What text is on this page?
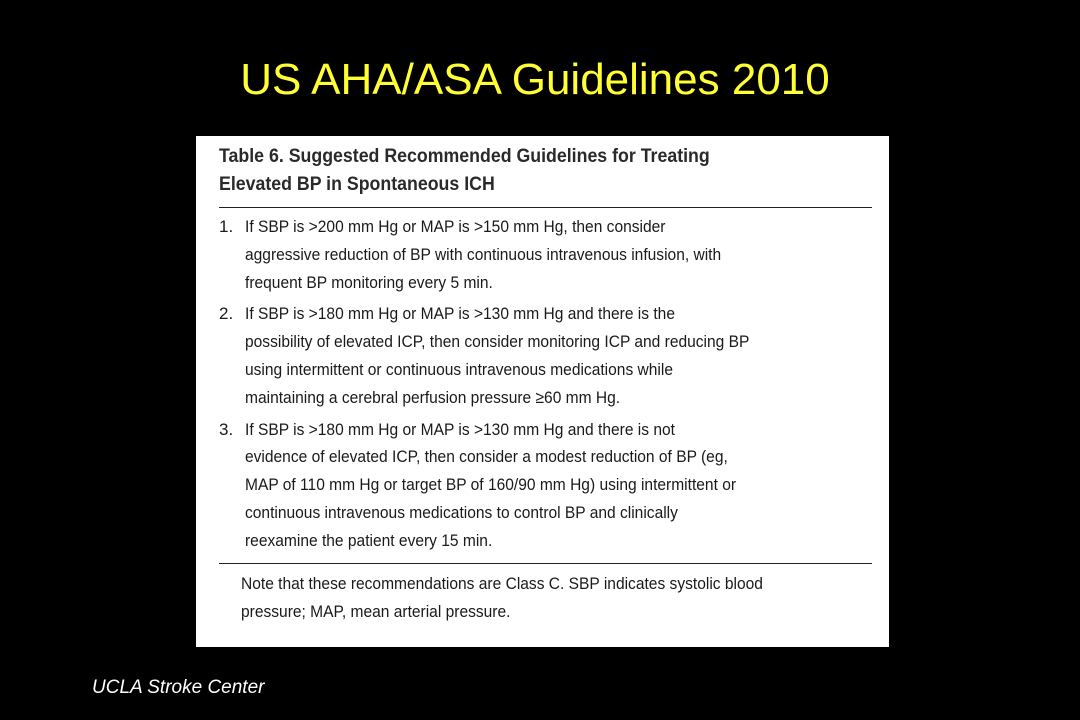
US AHA/ASA Guidelines 2010
Table 6. Suggested Recommended Guidelines for Treating
Elevated BP in Spontaneous ICH
1. If SBP is >200 mm Hg or MAP is >150 mm Hg, then consider
aggressive reduction of BP with continuous intravenous infusion, with
frequent BP monitoring every 5 min.
2. If SBP is >180 mm Hg or MAP is >130 mm Hg and there is the
possibility of elevated ICP, then consider monitoring ICP and reducing BP
using intermittent or continuous intravenous medications while
maintaining a cerebral perfusion pressure ≥60 mm Hg.
3. If SBP is >180 mm Hg or MAP is >130 mm Hg and there is not
evidence of elevated ICP, then consider a modest reduction of BP (eg,
MAP of 110 mm Hg or target BP of 160/90 mm Hg) using intermittent or
continuous intravenous medications to control BP and clinically
reexamine the patient every 15 min.
Note that these recommendations are Class C. SBP indicates systolic blood
pressure; MAP, mean arterial pressure.
UCLA Stroke Center
